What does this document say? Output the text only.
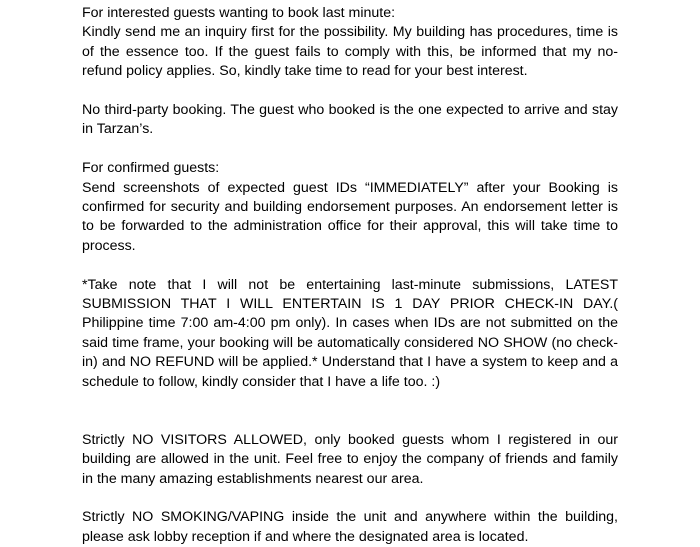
For interested guests wanting to book last minute:

Kindly send me an inquiry first for the possibility. My building has procedures, time is of the essence too. If the guest fails to comply with this, be informed that my no-refund policy applies. So, kindly take time to read for your best interest.

No third-party booking. The guest who booked is the one expected to arrive and stay in Tarzan’s.

For confirmed guests:

Send screenshots of expected guest IDs “IMMEDIATELY” after your Booking is confirmed for security and building endorsement purposes. An endorsement letter is to be forwarded to the administration office for their approval, this will take time to process.

*Take note that I will not be entertaining last-minute submissions, LATEST SUBMISSION THAT I WILL ENTERTAIN IS 1 DAY PRIOR CHECK-IN DAY.( Philippine time 7:00 am-4:00 pm only). In cases when IDs are not submitted on the said time frame, your booking will be automatically considered NO SHOW (no check-in) and NO REFUND will be applied.* Understand that I have a system to keep and a schedule to follow, kindly consider that I have a life too. :)

Strictly NO VISITORS ALLOWED, only booked guests whom I registered in our building are allowed in the unit. Feel free to enjoy the company of friends and family in the many amazing establishments nearest our area.

Strictly NO SMOKING/VAPING inside the unit and anywhere within the building, please ask lobby reception if and where the designated area is located.
